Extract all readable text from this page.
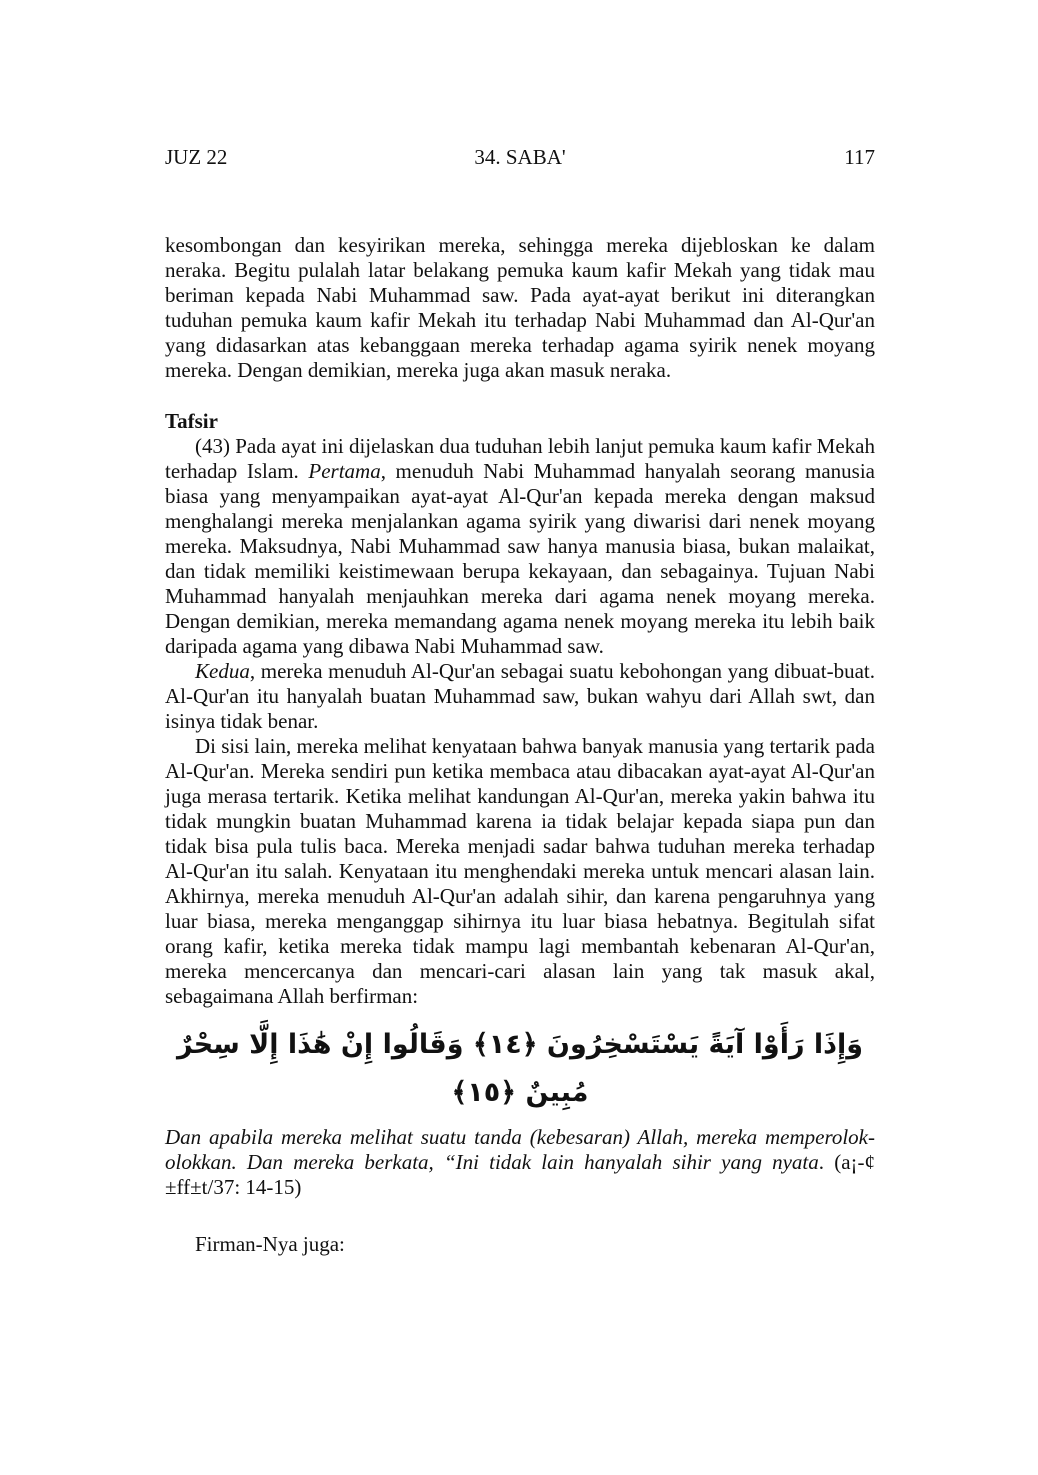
JUZ 22	34. SABA'	117

kesombongan dan kesyirikan mereka, sehingga mereka dijebloskan ke dalam neraka. Begitu pulalah latar belakang pemuka kaum kafir Mekah yang tidak mau beriman kepada Nabi Muhammad saw. Pada ayat-ayat berikut ini diterangkan tuduhan pemuka kaum kafir Mekah itu terhadap Nabi Muhammad dan Al-Qur'an yang didasarkan atas kebanggaan mereka terhadap agama syirik nenek moyang mereka. Dengan demikian, mereka juga akan masuk neraka.

Tafsir

(43) Pada ayat ini dijelaskan dua tuduhan lebih lanjut pemuka kaum kafir Mekah terhadap Islam. Pertama, menuduh Nabi Muhammad hanyalah seorang manusia biasa yang menyampaikan ayat-ayat Al-Qur'an kepada mereka dengan maksud menghalangi mereka menjalankan agama syirik yang diwarisi dari nenek moyang mereka. Maksudnya, Nabi Muhammad saw hanya manusia biasa, bukan malaikat, dan tidak memiliki keistimewaan berupa kekayaan, dan sebagainya. Tujuan Nabi Muhammad hanyalah menjauhkan mereka dari agama nenek moyang mereka. Dengan demikian, mereka memandang agama nenek moyang mereka itu lebih baik daripada agama yang dibawa Nabi Muhammad saw.

Kedua, mereka menuduh Al-Qur'an sebagai suatu kebohongan yang dibuat-buat. Al-Qur'an itu hanyalah buatan Muhammad saw, bukan wahyu dari Allah swt, dan isinya tidak benar.

Di sisi lain, mereka melihat kenyataan bahwa banyak manusia yang tertarik pada Al-Qur'an. Mereka sendiri pun ketika membaca atau dibacakan ayat-ayat Al-Qur'an juga merasa tertarik. Ketika melihat kandungan Al-Qur'an, mereka yakin bahwa itu tidak mungkin buatan Muhammad karena ia tidak belajar kepada siapa pun dan tidak bisa pula tulis baca. Mereka menjadi sadar bahwa tuduhan mereka terhadap Al-Qur'an itu salah. Kenyataan itu menghendaki mereka untuk mencari alasan lain. Akhirnya, mereka menuduh Al-Qur'an adalah sihir, dan karena pengaruhnya yang luar biasa, mereka menganggap sihirnya itu luar biasa hebatnya. Begitulah sifat orang kafir, ketika mereka tidak mampu lagi membantah kebenaran Al-Qur'an, mereka mencercanya dan mencari-cari alasan lain yang tak masuk akal, sebagaimana Allah berfirman:

وَإِذَا رَأَوْا آيَةً يَسْتَسْخِرُونَ ﴿١٤﴾ وَقَالُوا إِنْ هَٰذَا إِلَّا سِحْرٌ مُبِينٌ ﴿١٥﴾

Dan apabila mereka melihat suatu tanda (kebesaran) Allah, mereka memperolok-olokkan. Dan mereka berkata, “Ini tidak lain hanyalah sihir yang nyata. (a¡-¢±ff±t/37: 14-15)

Firman-Nya juga:
